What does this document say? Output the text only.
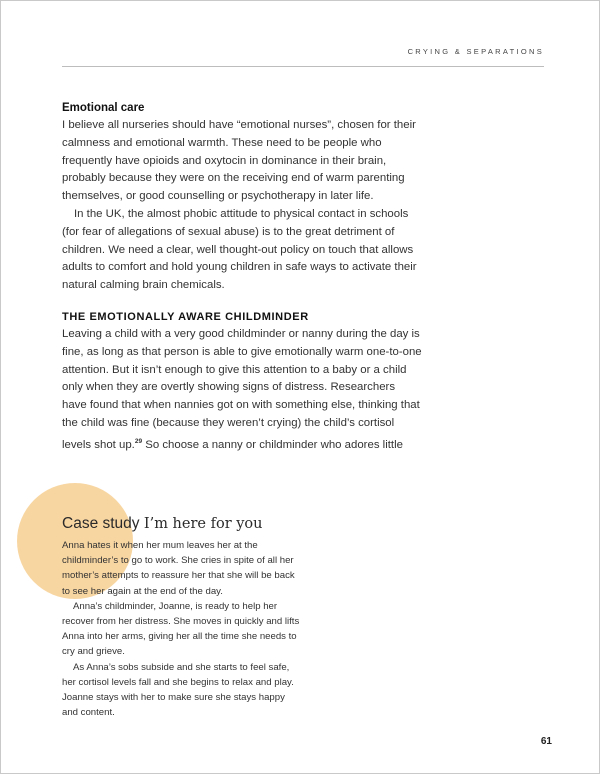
CRYING & SEPARATIONS
Emotional care

I believe all nurseries should have “emotional nurses”, chosen for their calmness and emotional warmth. These need to be people who frequently have opioids and oxytocin in dominance in their brain, probably because they were on the receiving end of warm parenting themselves, or good counselling or psychotherapy in later life.

In the UK, the almost phobic attitude to physical contact in schools (for fear of allegations of sexual abuse) is to the great detriment of children. We need a clear, well thought-out policy on touch that allows adults to comfort and hold young children in safe ways to activate their natural calming brain chemicals.

THE EMOTIONALLY AWARE CHILDMINDER

Leaving a child with a very good childminder or nanny during the day is fine, as long as that person is able to give emotionally warm one-to-one attention. But it isn’t enough to give this attention to a baby or a child only when they are overtly showing signs of distress. Researchers have found that when nannies got on with something else, thinking that the child was fine (because they weren’t crying) the child’s cortisol levels shot up.$^{29}$ So choose a nanny or childminder who adores little

Case study I’m here for you

Anna hates it when her mum leaves her at the childminder’s to go to work. She cries in spite of all her mother’s attempts to reassure her that she will be back to see her again at the end of the day.

Anna’s childminder, Joanne, is ready to help her recover from her distress. She moves in quickly and lifts Anna into her arms, giving her all the time she needs to cry and grieve.

As Anna’s sobs subside and she starts to feel safe, her cortisol levels fall and she begins to relax and play. Joanne stays with her to make sure she stays happy and content.

61
